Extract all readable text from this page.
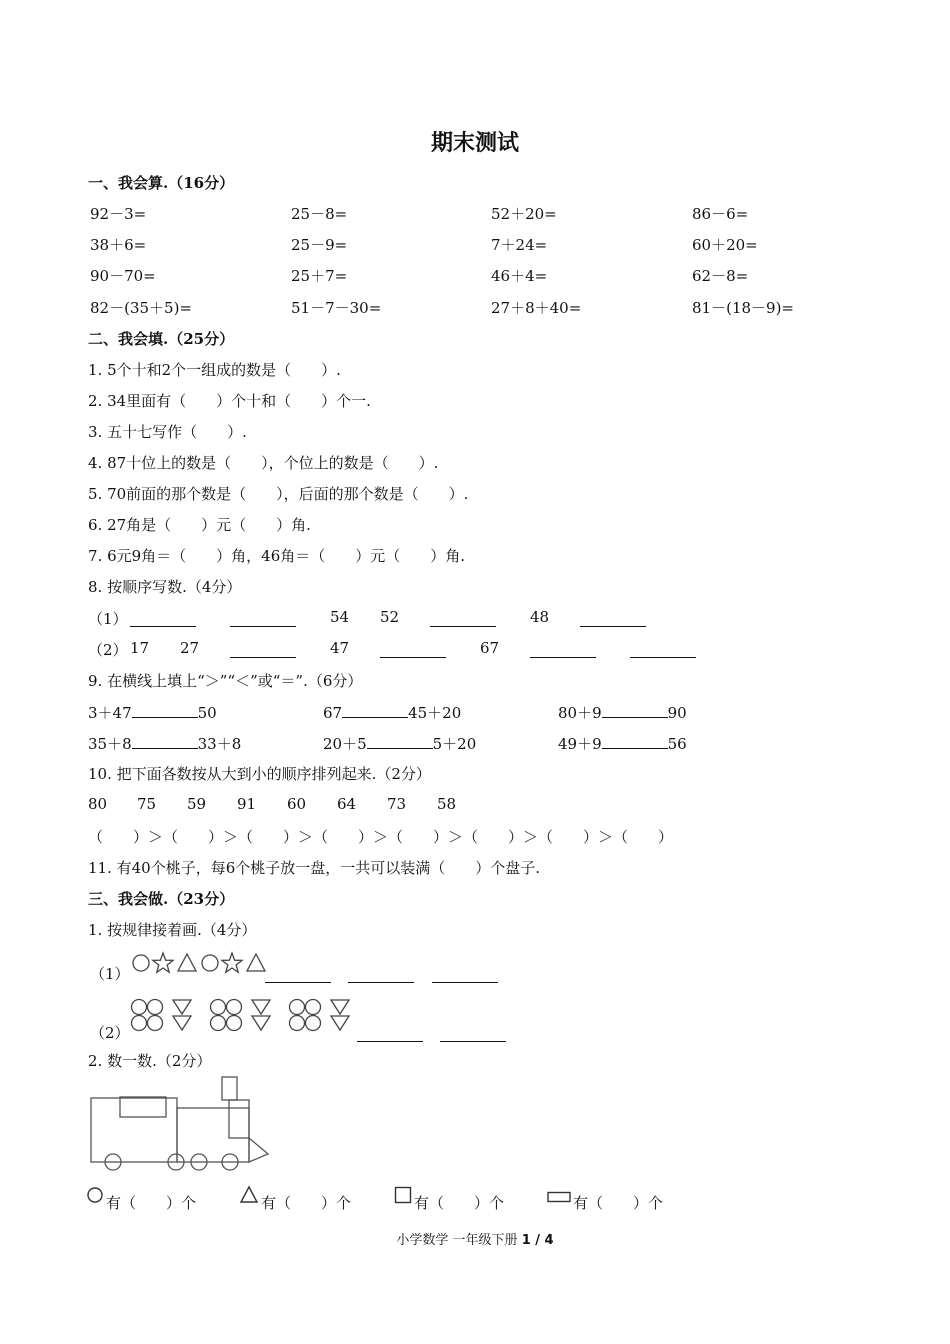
期末测试
一、我会算.（16分）
92－3=	25－8=	52＋20=	86－6=
38＋6=	25－9=	7＋24=	60＋20=
90－70=	25＋7=	46＋4=	62－8=
82－(35＋5)=	51－7－30=	27＋8＋40=	81－(18－9)=
二、我会填.（25分）
1. 5个十和2个一组成的数是（　　）.
2. 34里面有（　　）个十和（　　）个一.
3. 五十七写作（　　）.
4. 87十位上的数是（　　），个位上的数是（　　）.
5. 70前面的那个数是（　　），后面的那个数是（　　）.
6. 27角是（　　）元（　　）角.
7. 6元9角＝（　　）角，46角＝（　　）元（　　）角.
8. 按顺序写数.（4分）
（1）	54 52	48
（2） 17 27	47	67
9. 在横线上填上“＞”“＜”或“＝”.（6分）
3＋47	50	67	45＋20	80＋9	90
35＋8	33＋8	20＋5	5＋20	49＋9	56
10. 把下面各数按从大到小的顺序排列起来.（2分）
80 75 59 91 60 64 73 58
（　　）＞（　　）＞（　　）＞（　　）＞（　　）＞（　　）＞（　　）＞（　　）
11. 有40个桃子，每6个桃子放一盘，一共可以装满（　　）个盘子.
三、我会做.（23分）
1. 按规律接着画.（4分）
（1）
（2）
2. 数一数.（2分）
有（　　）个	有（　　）个	有（　　）个	有（　　）个
小学数学 一年级下册 1 / 4
